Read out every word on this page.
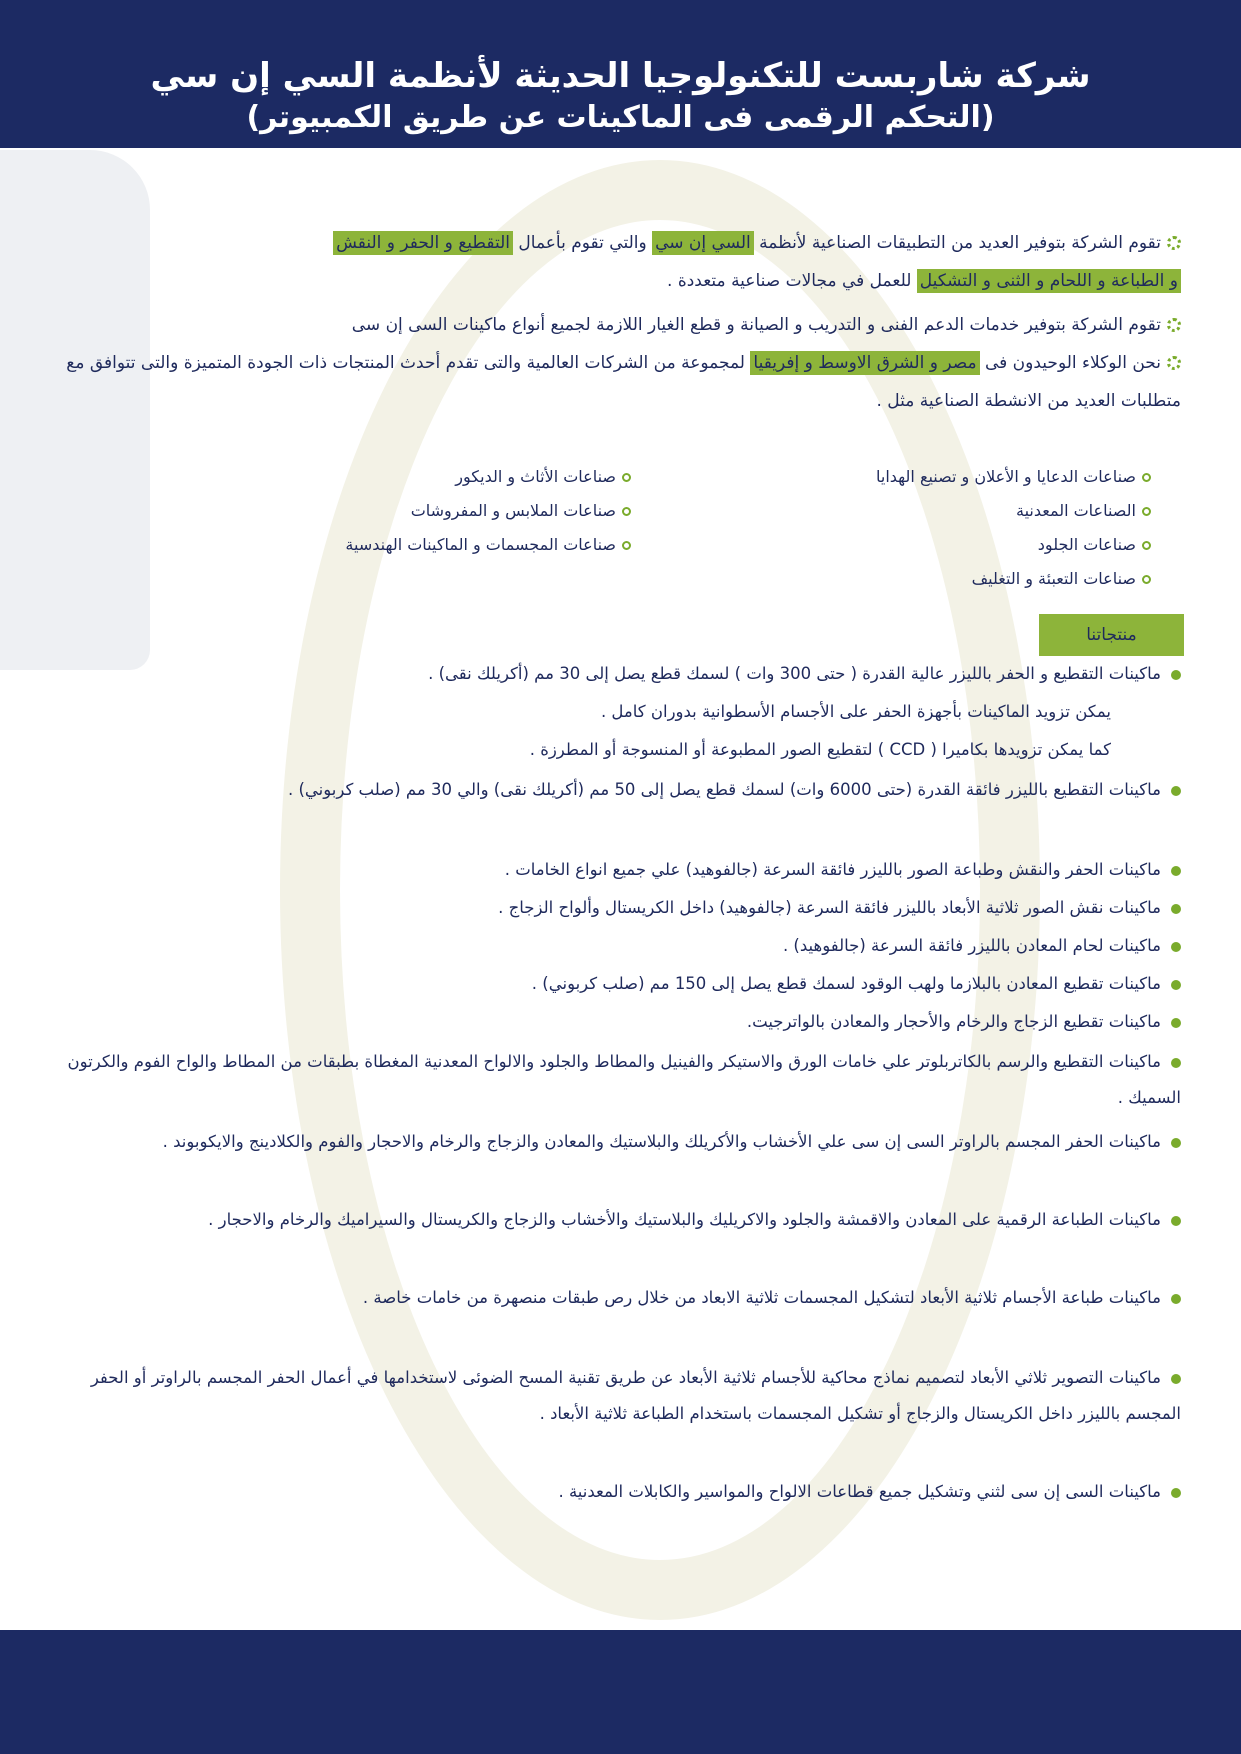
شركة شاربست للتكنولوجيا الحديثة لأنظمة السي إن سي
(التحكم الرقمى فى الماكينات عن طريق الكمبيوتر)
تقوم الشركة بتوفير العديد من التطبيقات الصناعية لأنظمة السي إن سي والتي تقوم بأعمال التقطيع و الحفر و النقش
و الطباعة و اللحام و الثنى و التشكيل للعمل في مجالات صناعية متعددة .
تقوم الشركة بتوفير خدمات الدعم الفنى و التدريب و الصيانة و قطع الغيار اللازمة لجميع أنواع ماكينات السى إن سى
نحن الوكلاء الوحيدون فى مصر و الشرق الاوسط و إفريقيا لمجموعة من الشركات العالمية والتى تقدم أحدث المنتجات ذات الجودة المتميزة والتى تتوافق مع متطلبات العديد من الانشطة الصناعية مثل .
صناعات الدعايا و الأعلان و تصنيع الهدايا
الصناعات المعدنية
صناعات الجلود
صناعات التعبئة و التغليف
صناعات الأثاث و الديكور
صناعات الملابس و المفروشات
صناعات المجسمات و الماكينات الهندسية
منتجاتنا
ماكينات التقطيع و الحفر بالليزر عالية القدرة ( حتى 300 وات ) لسمك قطع يصل إلى 30 مم (أكريلك نقى) .
يمكن تزويد الماكينات بأجهزة الحفر على الأجسام الأسطوانية بدوران كامل .
كما يمكن تزويدها بكاميرا ( CCD ) لتقطيع الصور المطبوعة أو المنسوجة أو المطرزة .
ماكينات التقطيع بالليزر فائقة القدرة (حتى 6000 وات) لسمك قطع يصل إلى 50 مم (أكريلك نقى) والي 30 مم (صلب كربوني) .
ماكينات الحفر والنقش وطباعة الصور بالليزر فائقة السرعة (جالفوهيد) علي جميع انواع الخامات .
ماكينات نقش الصور ثلاثية الأبعاد بالليزر فائقة السرعة (جالفوهيد) داخل الكريستال وألواح الزجاج .
ماكينات لحام المعادن بالليزر فائقة السرعة (جالفوهيد) .
ماكينات تقطيع المعادن بالبلازما ولهب الوقود لسمك قطع يصل إلى 150 مم (صلب كربوني) .
ماكينات تقطيع الزجاج والرخام والأحجار والمعادن بالواترجيت.
ماكينات التقطيع والرسم بالكاتربلوتر علي خامات الورق والاستيكر والفينيل والمطاط والجلود والالواح المعدنية المغطاة بطبقات من المطاط والواح الفوم والكرتون السميك .
ماكينات الحفر المجسم بالراوتر السى إن سى علي الأخشاب والأكريلك والبلاستيك والمعادن والزجاج والرخام والاحجار والفوم والكلادينج والايكوبوند .
ماكينات الطباعة الرقمية على المعادن والاقمشة والجلود والاكريليك والبلاستيك والأخشاب والزجاج والكريستال والسيراميك والرخام والاحجار .
ماكينات طباعة الأجسام ثلاثية الأبعاد لتشكيل المجسمات ثلاثية الابعاد من خلال رص طبقات منصهرة من خامات خاصة .
ماكينات التصوير ثلاثي الأبعاد لتصميم نماذج محاكية للأجسام ثلاثية الأبعاد عن طريق تقنية المسح الضوئى لاستخدامها في أعمال الحفر المجسم بالراوتر أو الحفر المجسم بالليزر داخل الكريستال والزجاج أو تشكيل المجسمات باستخدام الطباعة ثلاثية الأبعاد .
ماكينات السى إن سى لثني وتشكيل جميع قطاعات الالواح والمواسير والكابلات المعدنية .
